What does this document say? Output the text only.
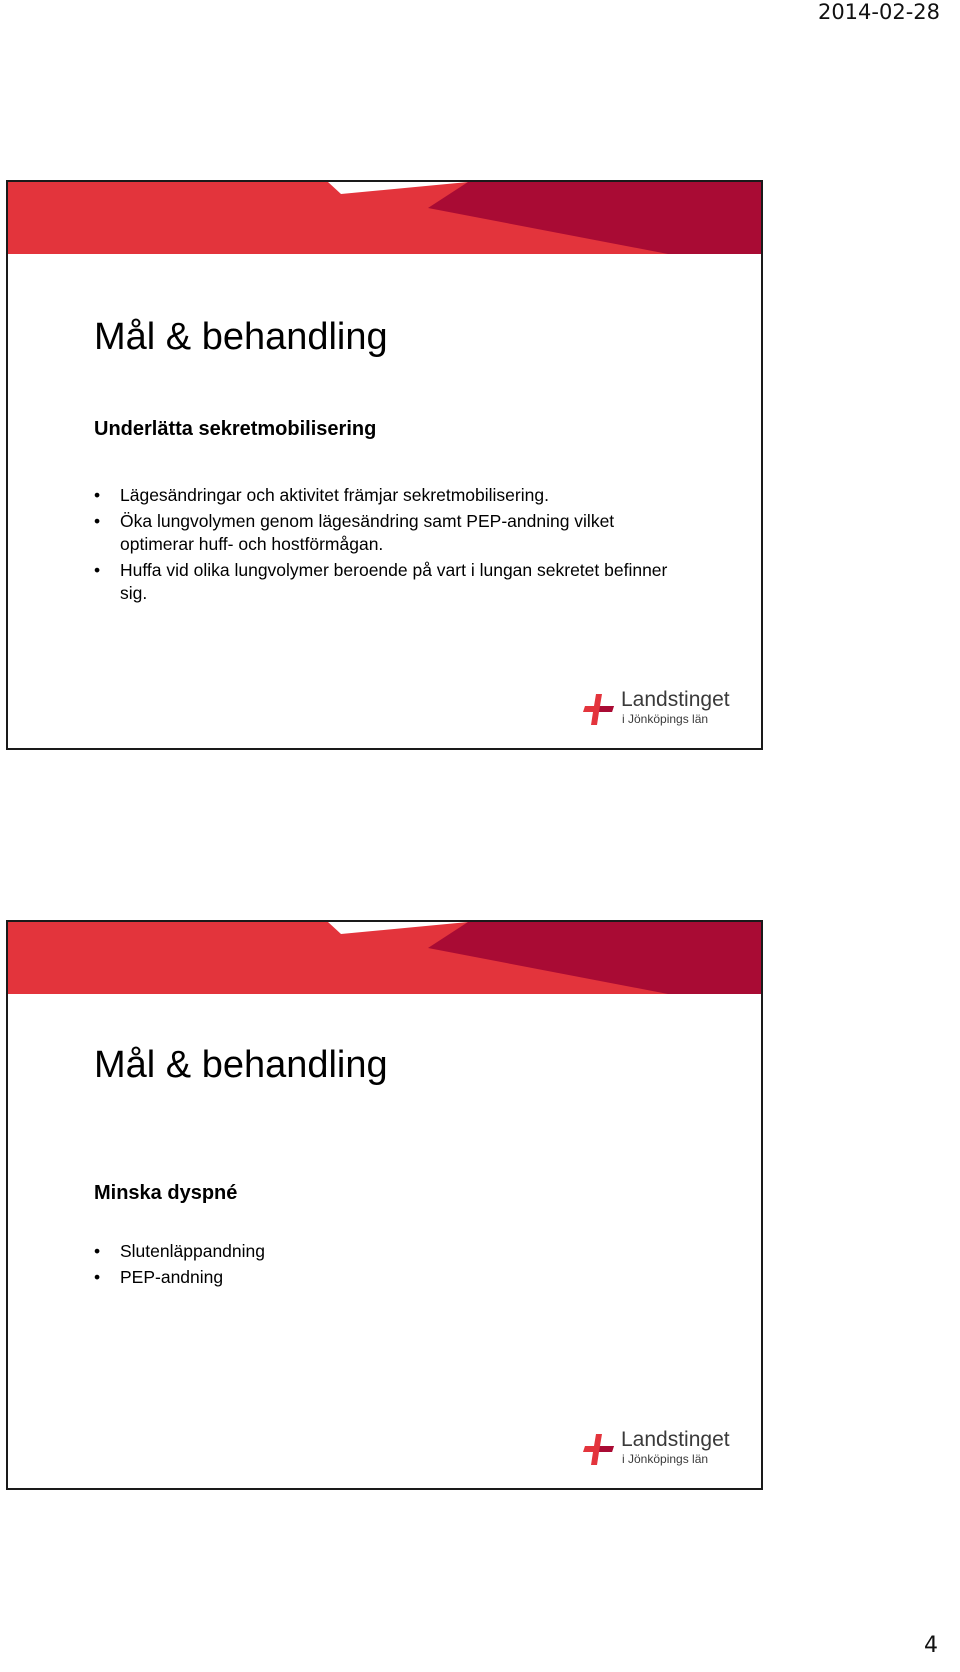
2014-02-28
Mål & behandling
Underlätta sekretmobilisering
• Lägesändringar och aktivitet främjar sekretmobilisering.
• Öka lungvolymen genom lägesändring samt PEP-andning vilket optimerar huff- och hostförmågan.
• Huffa vid olika lungvolymer beroende på vart i lungan sekretet befinner sig.
Landstinget
i Jönköpings län
Mål & behandling
Minska dyspné
• Slutenläppandning
• PEP-andning
Landstinget
i Jönköpings län
4
